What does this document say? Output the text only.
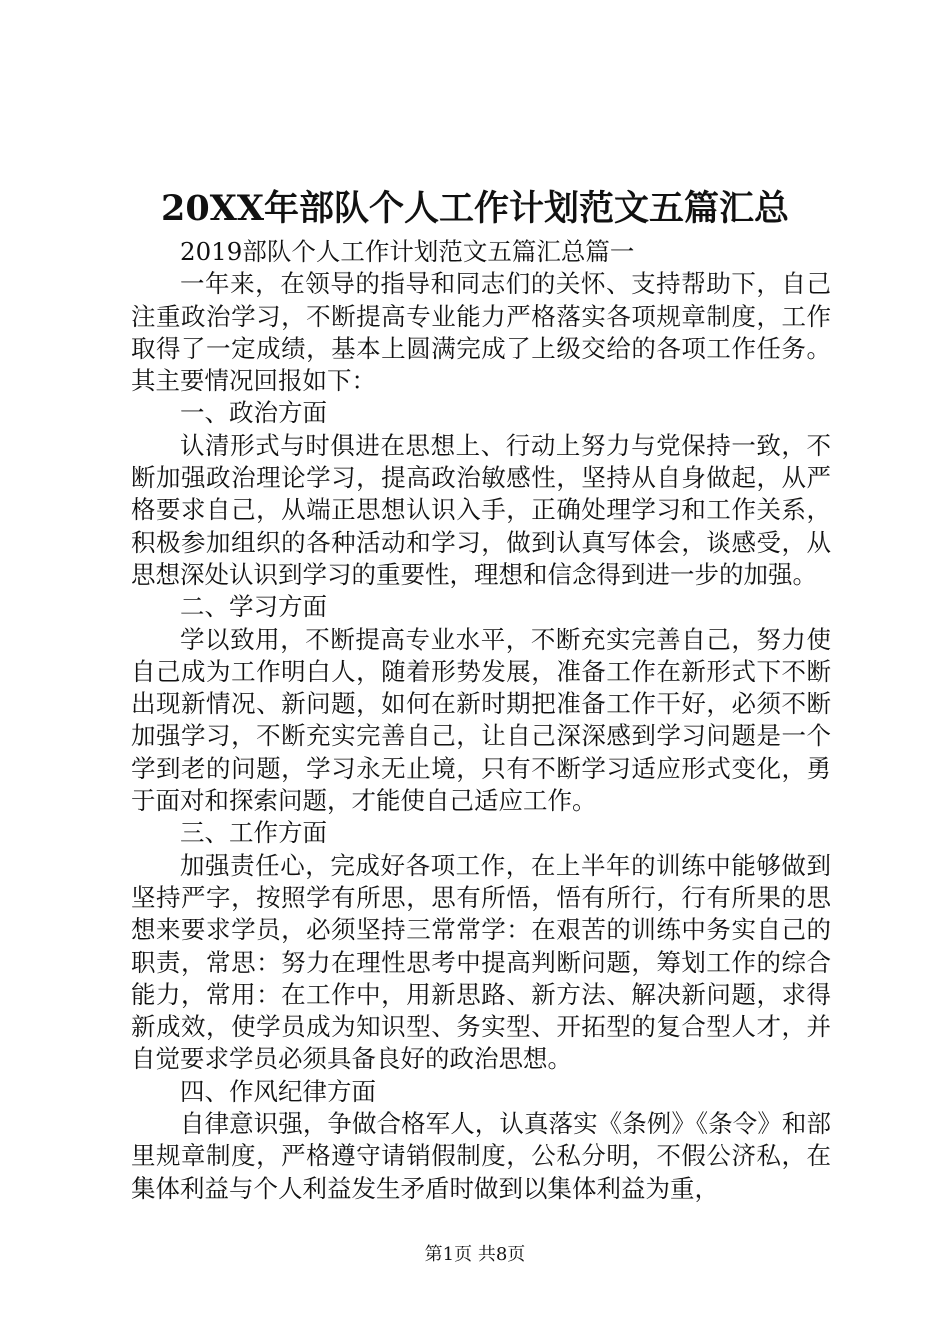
20XX年部队个人工作计划范文五篇汇总

2019部队个人工作计划范文五篇汇总篇一

一年来，在领导的指导和同志们的关怀、支持帮助下，自己注重政治学习，不断提高专业能力严格落实各项规章制度，工作取得了一定成绩，基本上圆满完成了上级交给的各项工作任务。其主要情况回报如下：

一、政治方面

认清形式与时俱进在思想上、行动上努力与党保持一致，不断加强政治理论学习，提高政治敏感性，坚持从自身做起，从严格要求自己，从端正思想认识入手，正确处理学习和工作关系，积极参加组织的各种活动和学习，做到认真写体会，谈感受，从思想深处认识到学习的重要性，理想和信念得到进一步的加强。

二、学习方面

学以致用，不断提高专业水平，不断充实完善自己，努力使自己成为工作明白人，随着形势发展，准备工作在新形式下不断出现新情况、新问题，如何在新时期把准备工作干好，必须不断加强学习，不断充实完善自己，让自己深深感到学习问题是一个学到老的问题，学习永无止境，只有不断学习适应形式变化，勇于面对和探索问题，才能使自己适应工作。

三、工作方面

加强责任心，完成好各项工作，在上半年的训练中能够做到坚持严字，按照学有所思，思有所悟，悟有所行，行有所果的思想来要求学员，必须坚持三常常学：在艰苦的训练中务实自己的职责，常思：努力在理性思考中提高判断问题，筹划工作的综合能力，常用：在工作中，用新思路、新方法、解决新问题，求得新成效，使学员成为知识型、务实型、开拓型的复合型人才，并自觉要求学员必须具备良好的政治思想。

四、作风纪律方面

自律意识强，争做合格军人，认真落实《条例》《条令》和部里规章制度，严格遵守请销假制度，公私分明，不假公济私，在集体利益与个人利益发生矛盾时做到以集体利益为重，

第1页 共8页
